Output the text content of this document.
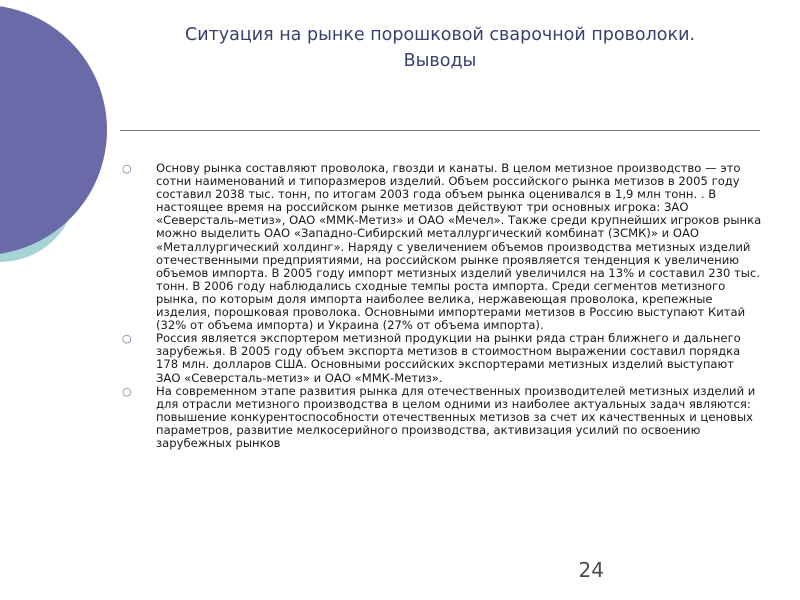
Ситуация на рынке порошковой сварочной проволоки.
Выводы
○ Основу рынка составляют проволока, гвозди и канаты. В целом метизное производство — это сотни наименований и типоразмеров изделий. Объем российского рынка метизов в 2005 году составил 2038 тыс. тонн, по итогам 2003 года объем рынка оценивался в 1,9 млн тонн. . В настоящее время на российском рынке метизов действуют три основных игрока: ЗАО «Северсталь-метиз», ОАО «ММК-Метиз» и ОАО «Мечел». Также среди крупнейших игроков рынка можно выделить ОАО «Западно-Сибирский металлургический комбинат (ЗСМК)» и ОАО «Металлургический холдинг». Наряду с увеличением объемов производства метизных изделий отечественными предприятиями, на российском рынке проявляется тенденция к увеличению объемов импорта. В 2005 году импорт метизных изделий увеличился на 13% и составил 230 тыс. тонн. В 2006 году наблюдались сходные темпы роста импорта. Среди сегментов метизного рынка, по которым доля импорта наиболее велика, нержавеющая проволока, крепежные изделия, порошковая проволока. Основными импортерами метизов в Россию выступают Китай (32% от объема импорта) и Украина (27% от объема импорта).
○ Россия является экспортером метизной продукции на рынки ряда стран ближнего и дальнего зарубежья. В 2005 году объем экспорта метизов в стоимостном выражении составил порядка 178 млн. долларов США. Основными российских экспортерами метизных изделий выступают ЗАО «Северсталь-метиз» и ОАО «ММК-Метиз».
○ На современном этапе развития рынка для отечественных производителей метизных изделий и для отрасли метизного производства в целом одними из наиболее актуальных задач являются: повышение конкурентоспособности отечественных метизов за счет их качественных и ценовых параметров, развитие мелкосерийного производства, активизация усилий по освоению зарубежных рынков
24
